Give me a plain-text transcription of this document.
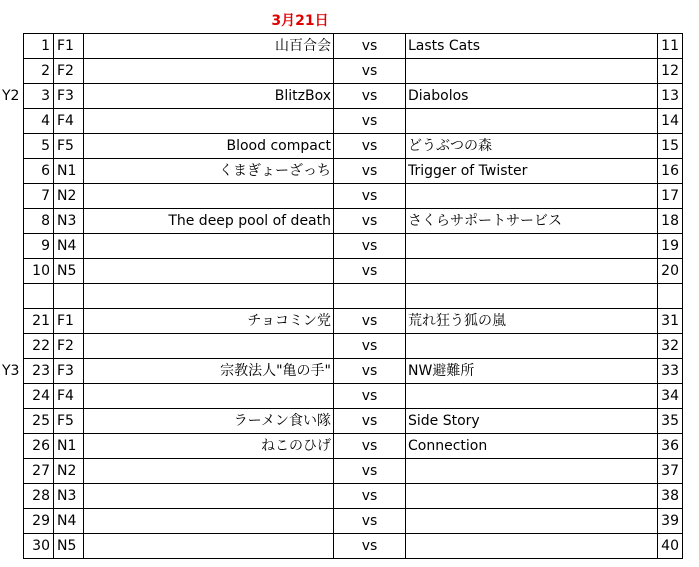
3月21日
Y2
Y3
1	F1	山百合会	vs	Lasts Cats	11
2	F2		vs		12
3	F3	BlitzBox	vs	Diabolos	13
4	F4		vs		14
5	F5	Blood compact	vs	どうぶつの森	15
6	N1	くまぎょーざっち	vs	Trigger of Twister	16
7	N2		vs		17
8	N3	The deep pool of death	vs	さくらサポートサービス	18
9	N4		vs		19
10	N5		vs		20

21	F1	チョコミン党	vs	荒れ狂う狐の嵐	31
22	F2		vs		32
23	F3	宗教法人"亀の手"	vs	NW避難所	33
24	F4		vs		34
25	F5	ラーメン食い隊	vs	Side Story	35
26	N1	ねこのひげ	vs	Connection	36
27	N2		vs		37
28	N3		vs		38
29	N4		vs		39
30	N5		vs		40
